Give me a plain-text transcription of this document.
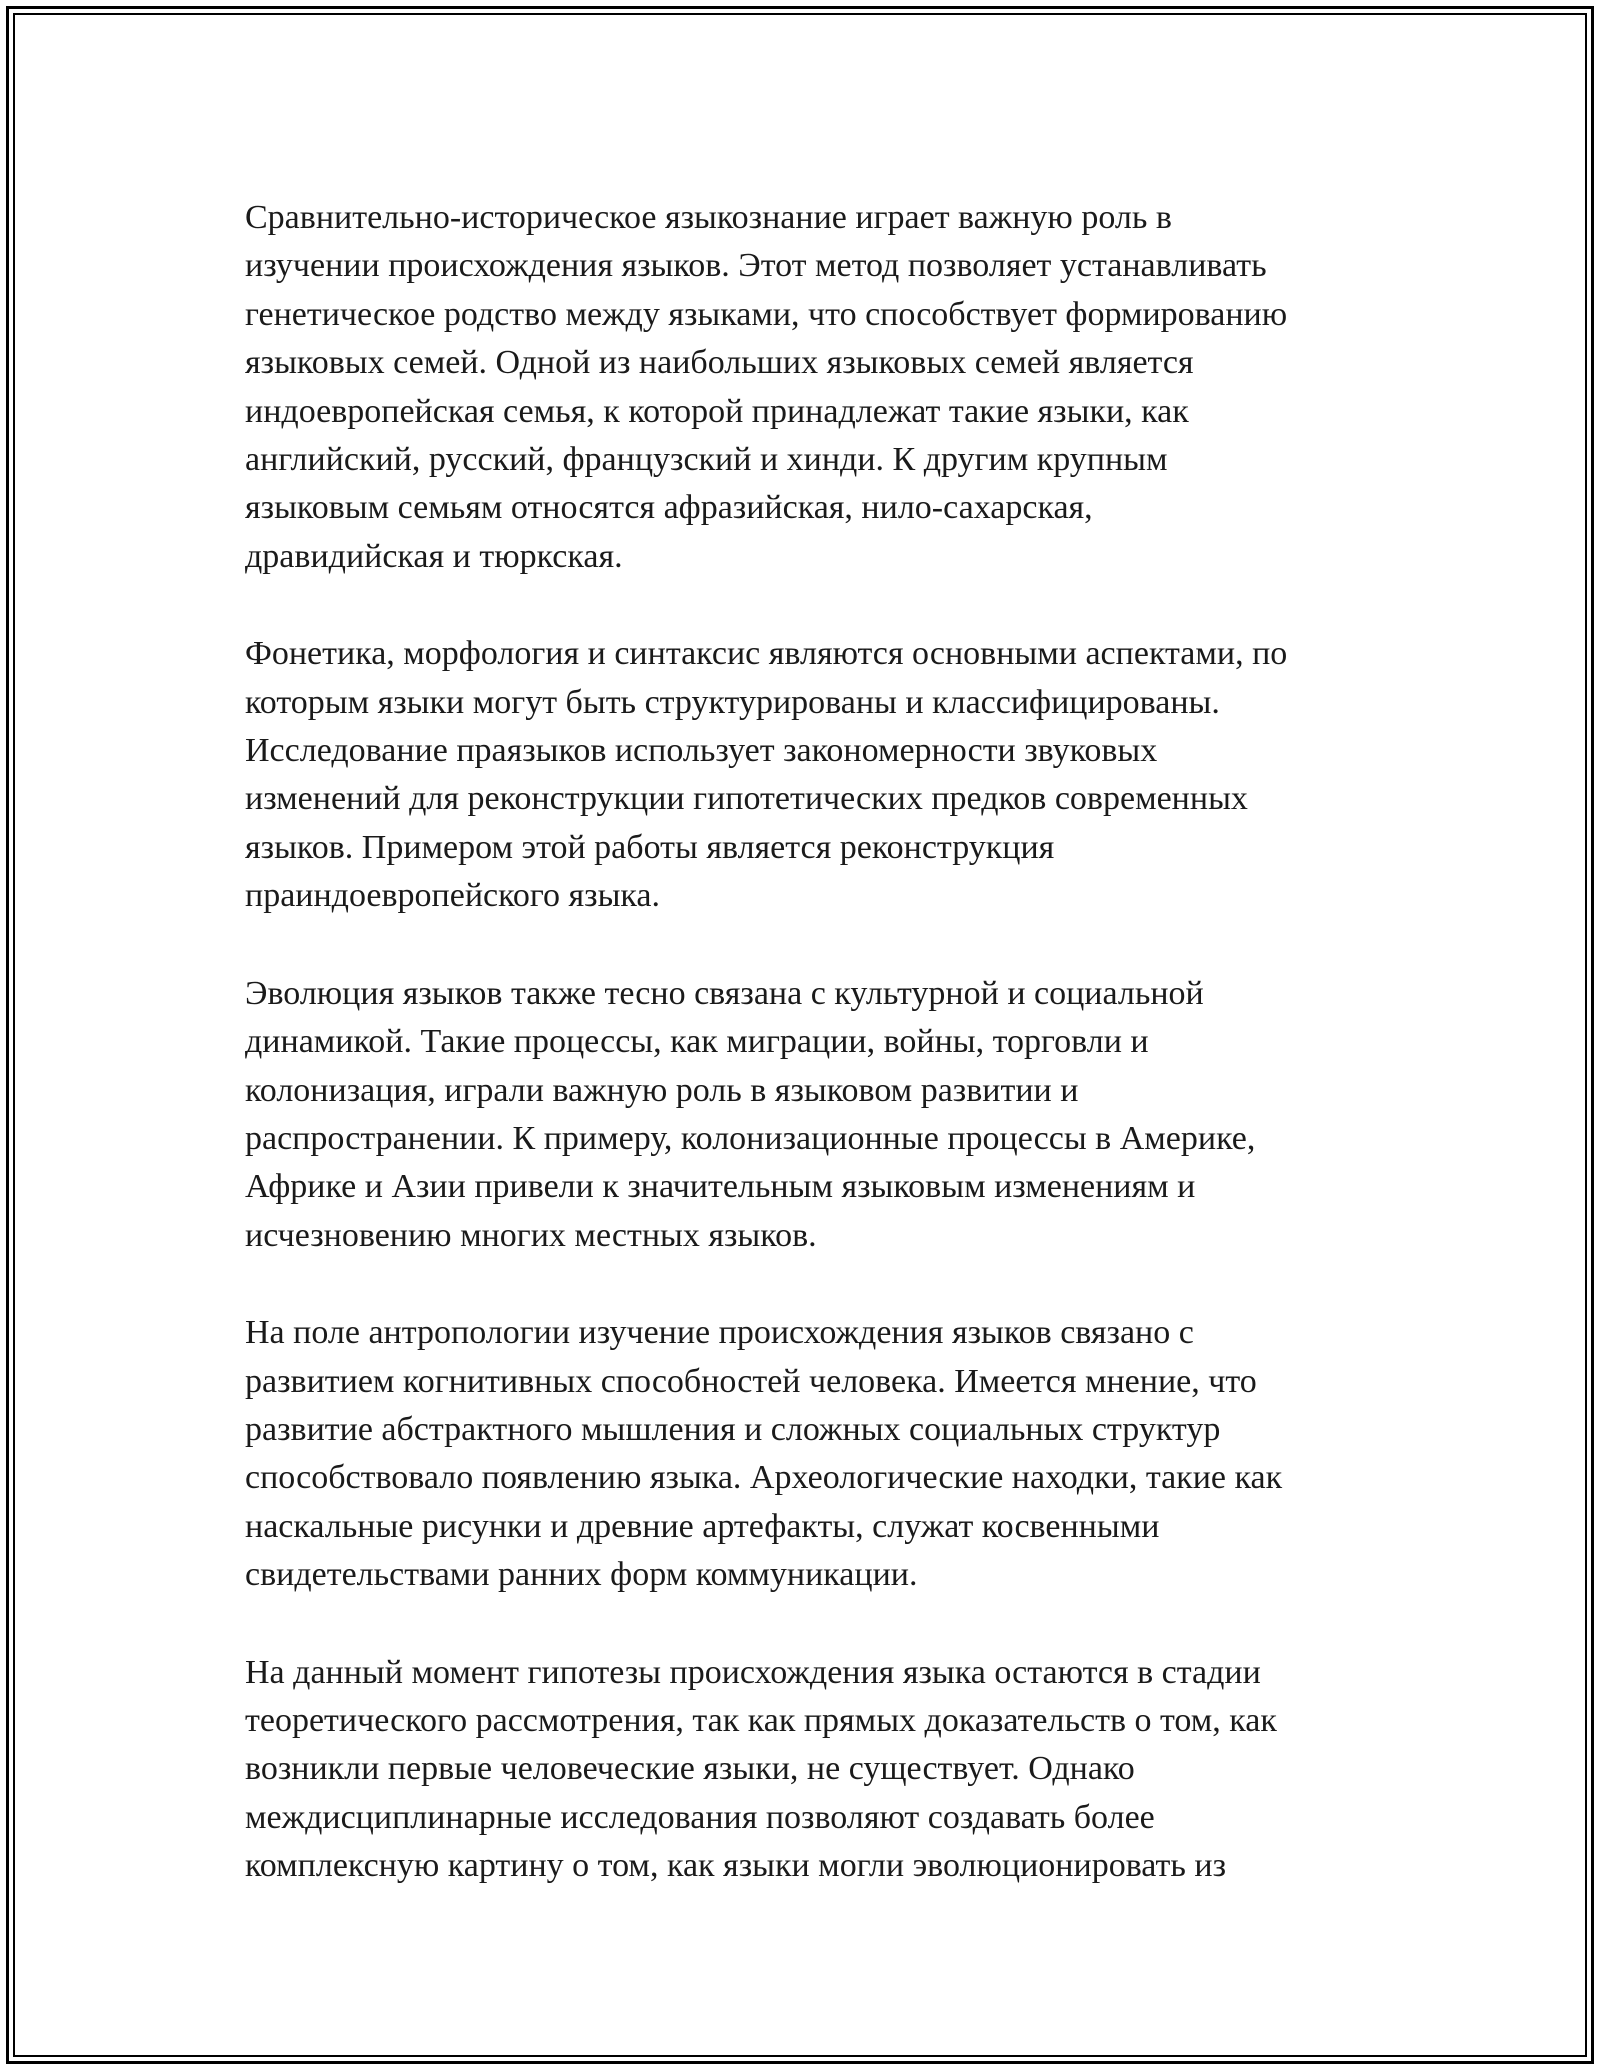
Сравнительно-историческое языкознание играет важную роль в
изучении происхождения языков. Этот метод позволяет устанавливать
генетическое родство между языками, что способствует формированию
языковых семей. Одной из наибольших языковых семей является
индоевропейская семья, к которой принадлежат такие языки, как
английский, русский, французский и хинди. К другим крупным
языковым семьям относятся афразийская, нило-сахарская,
дравидийская и тюркская.

Фонетика, морфология и синтаксис являются основными аспектами, по
которым языки могут быть структурированы и классифицированы.
Исследование праязыков использует закономерности звуковых
изменений для реконструкции гипотетических предков современных
языков. Примером этой работы является реконструкция
праиндоевропейского языка.

Эволюция языков также тесно связана с культурной и социальной
динамикой. Такие процессы, как миграции, войны, торговли и
колонизация, играли важную роль в языковом развитии и
распространении. К примеру, колонизационные процессы в Америке,
Африке и Азии привели к значительным языковым изменениям и
исчезновению многих местных языков.

На поле антропологии изучение происхождения языков связано с
развитием когнитивных способностей человека. Имеется мнение, что
развитие абстрактного мышления и сложных социальных структур
способствовало появлению языка. Археологические находки, такие как
наскальные рисунки и древние артефакты, служат косвенными
свидетельствами ранних форм коммуникации.

На данный момент гипотезы происхождения языка остаются в стадии
теоретического рассмотрения, так как прямых доказательств о том, как
возникли первые человеческие языки, не существует. Однако
междисциплинарные исследования позволяют создавать более
комплексную картину о том, как языки могли эволюционировать из
